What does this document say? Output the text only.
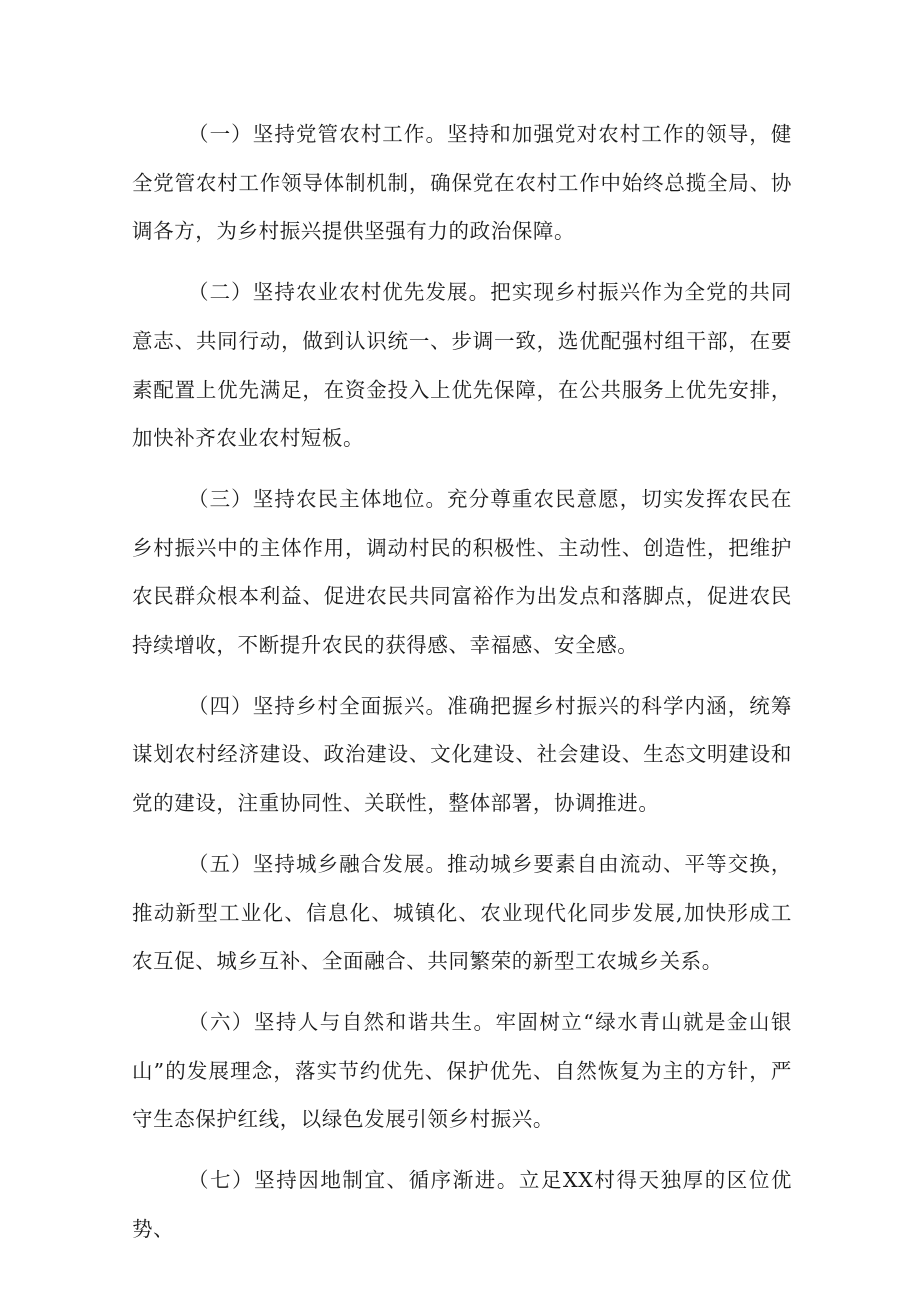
（一）坚持党管农村工作。坚持和加强党对农村工作的领导，健全党管农村工作领导体制机制，确保党在农村工作中始终总揽全局、协调各方，为乡村振兴提供坚强有力的政治保障。

（二）坚持农业农村优先发展。把实现乡村振兴作为全党的共同意志、共同行动，做到认识统一、步调一致，选优配强村组干部，在要素配置上优先满足，在资金投入上优先保障，在公共服务上优先安排，加快补齐农业农村短板。

（三）坚持农民主体地位。充分尊重农民意愿，切实发挥农民在乡村振兴中的主体作用，调动村民的积极性、主动性、创造性，把维护农民群众根本利益、促进农民共同富裕作为出发点和落脚点，促进农民持续增收，不断提升农民的获得感、幸福感、安全感。

（四）坚持乡村全面振兴。准确把握乡村振兴的科学内涵，统筹谋划农村经济建设、政治建设、文化建设、社会建设、生态文明建设和党的建设，注重协同性、关联性，整体部署，协调推进。

（五）坚持城乡融合发展。推动城乡要素自由流动、平等交换，推动新型工业化、信息化、城镇化、农业现代化同步发展,加快形成工农互促、城乡互补、全面融合、共同繁荣的新型工农城乡关系。

（六）坚持人与自然和谐共生。牢固树立“绿水青山就是金山银山”的发展理念，落实节约优先、保护优先、自然恢复为主的方针，严守生态保护红线，以绿色发展引领乡村振兴。

（七）坚持因地制宜、循序渐进。立足XX村得天独厚的区位优势、
